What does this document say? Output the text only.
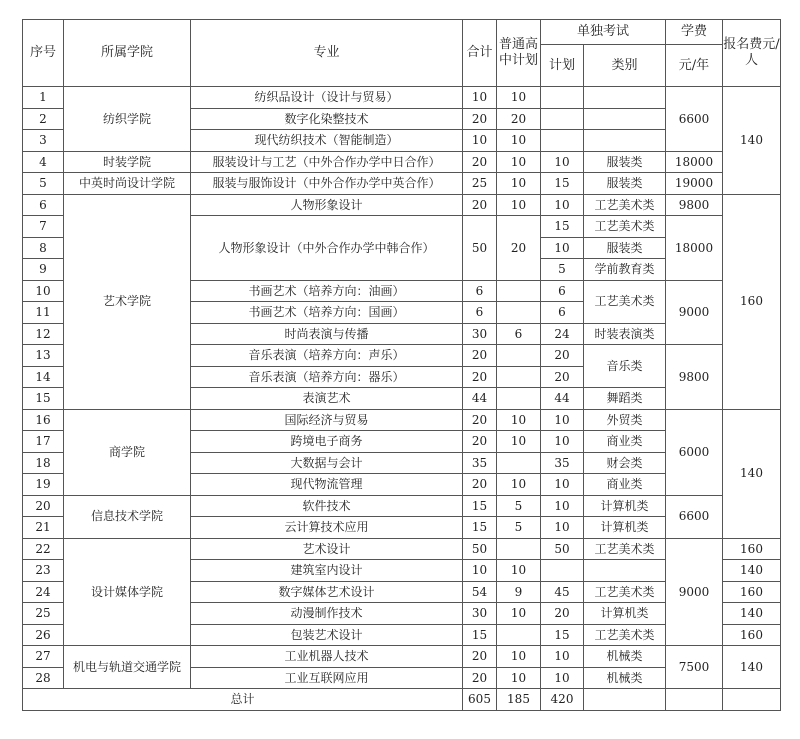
序号	所属学院	专业	合计	普通高中计划	单独考试		学费	报名费元/人
					计划	类别	元/年	
1	纺织学院	纺织品设计（设计与贸易）	10	10			6600	140
2		数字化染整技术	20	20				
3		现代纺织技术（智能制造）	10	10				
4	时装学院	服装设计与工艺（中外合作办学中日合作）	20	10	10	服装类	18000	
5	中英时尚设计学院	服装与服饰设计（中外合作办学中英合作）	25	10	15	服装类	19000	
6	艺术学院	人物形象设计	20	10	10	工艺美术类	9800	160
7		人物形象设计（中外合作办学中韩合作）	50	20	15	工艺美术类	18000	
8					10	服装类		
9					5	学前教育类		
10		书画艺术（培养方向：油画）	6		6	工艺美术类	9000	
11		书画艺术（培养方向：国画）	6		6			
12		时尚表演与传播	30	6	24	时装表演类		
13		音乐表演（培养方向：声乐）	20		20	音乐类	9800	
14		音乐表演（培养方向：器乐）	20		20			
15		表演艺术	44		44	舞蹈类		
16	商学院	国际经济与贸易	20	10	10	外贸类	6000	140
17		跨境电子商务	20	10	10	商业类		
18		大数据与会计	35		35	财会类		
19		现代物流管理	20	10	10	商业类		
20	信息技术学院	软件技术	15	5	10	计算机类	6600	
21		云计算技术应用	15	5	10	计算机类		
22	设计媒体学院	艺术设计	50		50	工艺美术类	9000	160
23		建筑室内设计	10	10				140
24		数字媒体艺术设计	54	9	45	工艺美术类		160
25		动漫制作技术	30	10	20	计算机类		140
26		包装艺术设计	15		15	工艺美术类		160
27	机电与轨道交通学院	工业机器人技术	20	10	10	机械类	7500	140
28		工业互联网应用	20	10	10	机械类		
总计			605	185	420			
